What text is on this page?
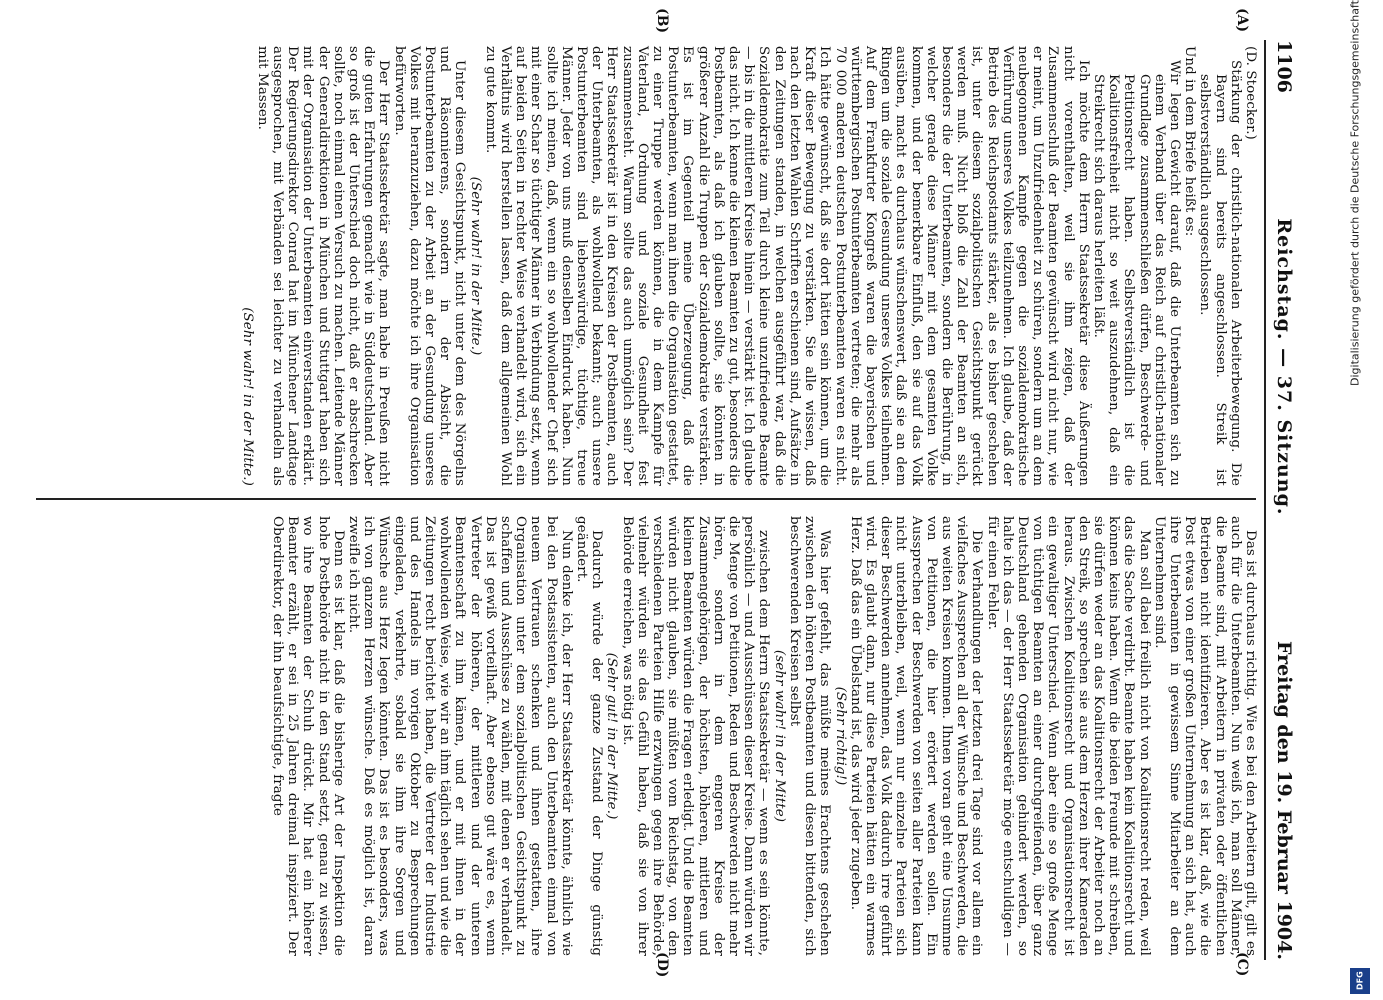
1106
Reichstag. — 37. Sitzung.
Freitag den 19. Februar 1904.
(A)
(B)
(C)
(D)

(D. Stoecker.)

Stärkung der christlich-nationalen Arbeiterbewegung. Die Bayern sind bereits angeschlossen. Streik ist selbstverständlich ausgeschlossen.

Und in dem Briefe heißt es:

Wir legen Gewicht darauf, daß die Unterbeamten sich zu einem Verband über das Reich auf christlich-nationaler Grundlage zusammenschließen dürfen, Beschwerde- und Petitionsrecht haben. Selbstverständlich ist die Koalitionsfreiheit nicht so weit auszudehnen, daß ein Streikrecht sich daraus herleiten läßt.

Ich möchte dem Herrn Staatssekretär diese Äußerungen nicht vorenthalten, weil sie ihm zeigen, daß der Zusammenschluß der Beamten gewünscht wird nicht nur, wie er meint, um Unzufriedenheit zu schüren, sondern um an dem neubegonnenen Kampfe gegen die sozialdemokratische Verführung unseres Volkes teilzunehmen. Ich glaube, daß der Betrieb des Reichspostamts stärker, als es bisher geschehen ist, unter diesem sozialpolitischen Gesichtspunkt gerückt werden muß. Nicht bloß die Zahl der Beamten an sich, besonders die der Unterbeamten, sondern die Berührung, in welcher gerade diese Männer mit dem gesamten Volke kommen, und der bemerkbare Einfluß, den sie auf das Volk ausüben, macht es durchaus wünschenswert, daß sie an dem Ringen um die soziale Gesundung unseres Volkes teilnehmen. Auf dem Frankfurter Kongreß waren die bayerischen und württembergischen Postunterbeamten vertreten; die mehr als 70 000 anderen deutschen Postunterbeamten waren es nicht. Ich hätte gewünscht, daß sie dort hätten sein können, um die Kraft dieser Bewegung zu verstärken. Sie alle wissen, daß nach den letzten Wahlen Schriften erschienen sind, Aufsätze in den Zeitungen standen, in welchen ausgeführt war, daß die Sozialdemokratie zum Teil durch kleine unzufriedene Beamte — bis in die mittleren Kreise hinein — verstärkt ist. Ich glaube das nicht. Ich kenne die kleinen Beamten zu gut, besonders die Postbeamten, als daß ich glauben sollte, sie könnten in größerer Anzahl die Truppen der Sozialdemokratie verstärken. Es ist im Gegenteil meine Überzeugung, daß die Postunterbeamten, wenn man ihnen die Organisation gestattet, zu einer Truppe werden können, die in dem Kampfe für Vaterland, Ordnung und soziale Gesundheit fest zusammensteht. Warum sollte das auch unmöglich sein? Der Herr Staatssekretär ist in den Kreisen der Postbeamten, auch der Unterbeamten, als wohlwollend bekannt; auch unsere Postunterbeamten sind liebenswürdige, tüchtige, treue Männer. Jeder von uns muß denselben Eindruck haben. Nun sollte ich meinen, daß, wenn ein so wohlwollender Chef sich mit einer Schar so tüchtiger Männer in Verbindung setzt, wenn auf beiden Seiten in rechter Weise verhandelt wird, sich ein Verhältnis wird herstellen lassen, daß dem allgemeinen Wohl zu gute kommt.

(Sehr wahr! in der Mitte.)

Unter diesem Gesichtspunkt, nicht unter dem des Nörgelns und Räsonnierens, sondern in der Absicht, die Postunterbeamten zu der Arbeit an der Gesundung unseres Volkes mit heranzuziehen, dazu möchte ich ihre Organisation befürworten.

Der Herr Staatssekretär sagte, man habe in Preußen nicht die guten Erfahrungen gemacht wie in Süddeutschland. Aber so groß ist der Unterschied doch nicht, daß er abschrecken sollte, noch einmal einen Versuch zu machen. Leitende Männer der Generaldirektionen in München und Stuttgart haben sich mit der Organisation der Unterbeamten einverstanden erklärt. Der Regierungsdirektor Conrad hat im Münchener Landtage ausgesprochen, mit Verbänden sei leichter zu verhandeln als mit Massen.

(Sehr wahr! in der Mitte.)

Das ist durchaus richtig. Wie es bei den Arbeitern gilt, gilt es auch für die Unterbeamten. Nun weiß ich, man soll Männer, die Beamte sind, mit Arbeitern in privaten oder öffentlichen Betrieben nicht identifizieren. Aber es ist klar, daß, wie die Post etwas von einer großen Unternehmung an sich hat, auch ihre Unterbeamten in gewissem Sinne Mitarbeiter an dem Unternehmen sind.

Man soll dabei freilich nicht von Koalitionsrecht reden, weil das die Sache verdirbt. Beamte haben kein Koalitionsrecht und können keins haben. Wenn die beiden Freunde mit schreiben, sie dürfen weder an das Koalitionsrecht der Arbeiter noch an den Streik, so sprechen sie aus dem Herzen ihrer Kameraden heraus. Zwischen Koalitionsrecht und Organisationsrecht ist ein gewaltiger Unterschied. Wenn aber eine so große Menge von tüchtigen Beamten an einer durchgreifenden, über ganz Deutschland gehenden Organisation gehindert werden, so halte ich das — der Herr Staatssekretär möge entschuldigen — für einen Fehler.

Die Verhandlungen der letzten drei Tage sind vor allem ein vielfaches Aussprechen all der Wünsche und Beschwerden, die aus weiten Kreisen kommen. Ihnen voran geht eine Unsumme von Petitionen, die hier erörtert werden sollen. Ein Aussprechen der Beschwerden von seiten aller Parteien kann nicht unterbleiben, weil, wenn nur einzelne Parteien sich dieser Beschwerden annehmen, das Volk dadurch irre geführt wird. Es glaubt dann, nur diese Parteien hätten ein warmes Herz. Daß das ein Übelstand ist, das wird jeder zugeben.

(Sehr richtig!)

Was hier gefehlt, das müßte meines Erachtens geschehen zwischen den höheren Postbeamten und diesen bittenden, sich beschwerenden Kreisen selbst

(sehr wahr! in der Mitte)

zwischen dem Herrn Staatssekretär — wenn es sein könnte, persönlich — und Ausschüssen dieser Kreise. Dann würden wir die Menge von Petitionen, Reden und Beschwerden nicht mehr hören, sondern in dem engeren Kreise der Zusammengehörigen, der höchsten, höheren, mittleren und kleinen Beamten würden die Fragen erledigt. Und die Beamten würden nicht glauben, sie müßten vom Reichstag, von den verschiedenen Parteien Hilfe erzwingen gegen ihre Behörde, vielmehr würden sie das Gefühl haben, daß sie von ihrer Behörde erreichen, was nötig ist.

(Sehr gut! in der Mitte.)

Dadurch würde der ganze Zustand der Dinge günstig geändert.

Nun denke ich, der Herr Staatssekretär könnte, ähnlich wie bei den Postassistenten, auch den Unterbeamten einmal von neuem Vertrauen schenken und ihnen gestatten, ihre Organisation unter dem sozialpolitischen Gesichtspunkt zu schaffen und Ausschüsse zu wählen, mit denen er verhandelt. Das ist gewiß vorteilhaft. Aber ebenso gut wäre es, wenn Vertreter der höheren, der mittleren und der unteren Beamtenschaft zu ihm kämen, und er mit ihnen in der wohlwollenden Weise, wie wir an ihm täglich sehen und wie die Zeitungen recht berichtet haben, die Vertreter der Industrie und des Handels im vorigen Oktober zu Besprechungen eingeladen, verkehrte, sobald sie ihm ihre Sorgen und Wünsche aus Herz legen könnten. Das ist es besonders, was ich von ganzem Herzen wünsche. Daß es möglich ist, daran zweifle ich nicht.

Denn es ist klar, daß die bisherige Art der Inspektion die hohe Postbehörde nicht in den Stand setzt, genau zu wissen, wo ihre Beamten der Schuh drückt. Mir hat ein höherer Beamter erzählt, er sei in 25 Jahren dreimal inspiziert. Der Oberdirektor, der ihn beaufsichtigte, fragte

Digitalisierung gefördert durch die Deutsche Forschungsgemeinschaft
DFG
